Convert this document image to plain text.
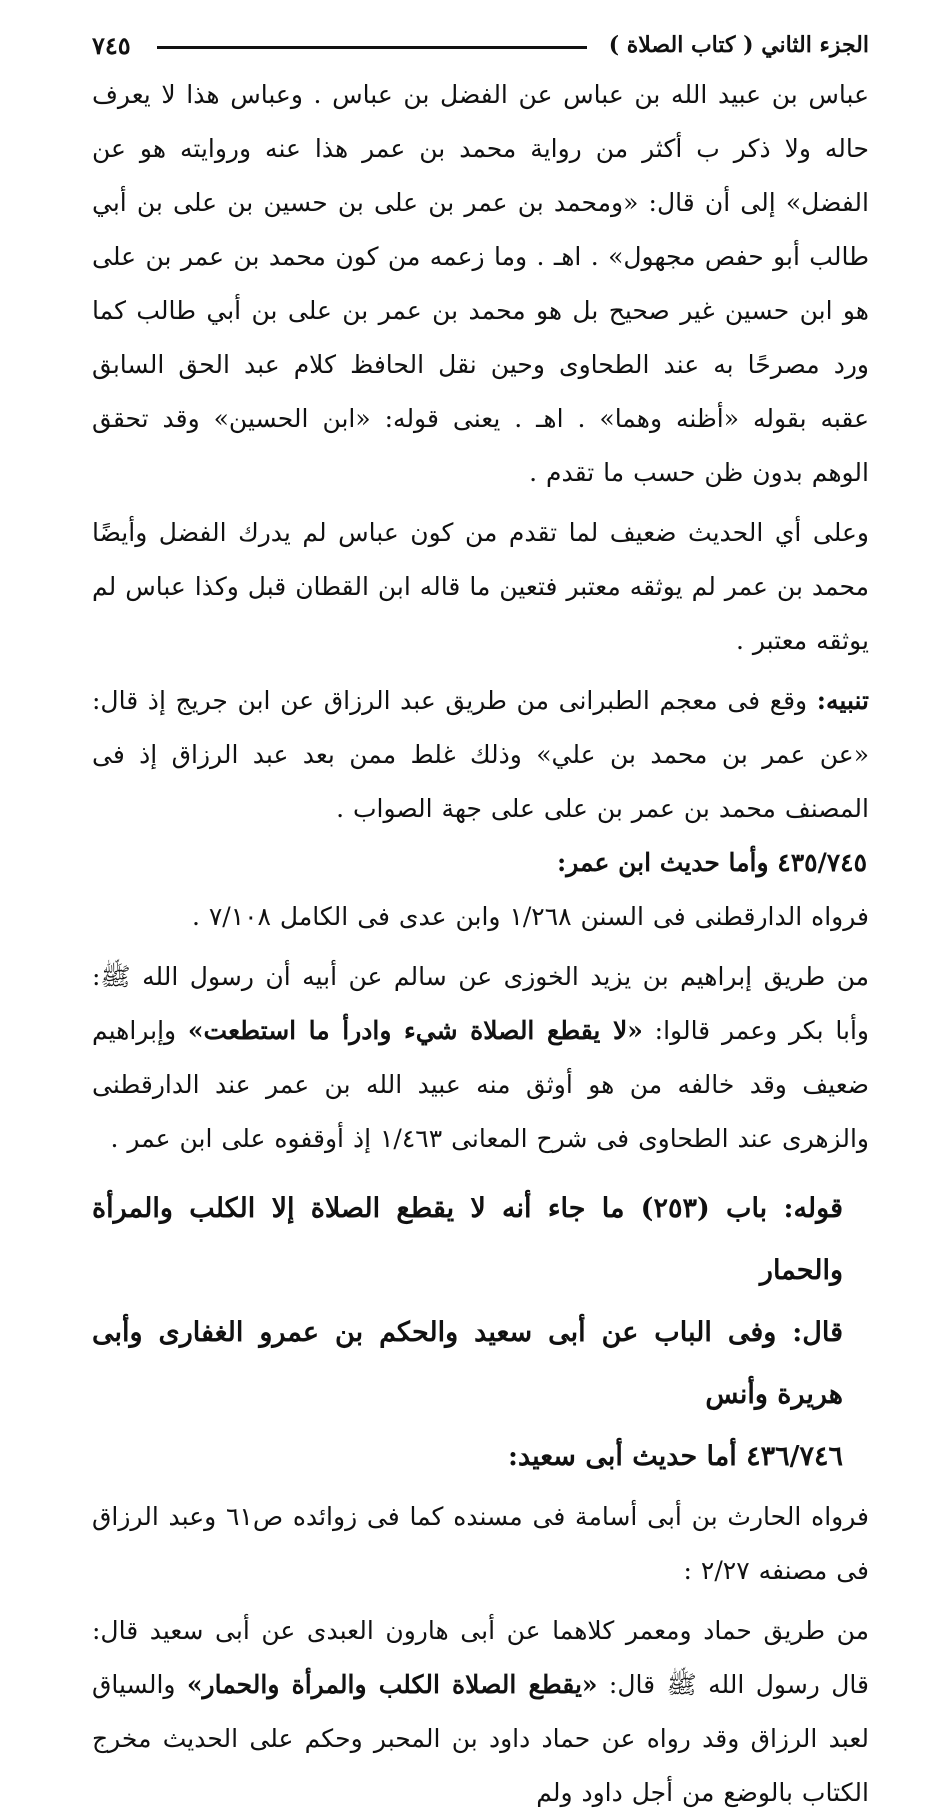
الجزء الثاني ( كتاب الصلاة )
٧٤٥

عباس بن عبيد الله بن عباس عن الفضل بن عباس . وعباس هذا لا يعرف حاله ولا ذكر ب أكثر من رواية محمد بن عمر هذا عنه وروايته هو عن الفضل» إلى أن قال: «ومحمد بن عمر بن على بن حسين بن على بن أبي طالب أبو حفص مجهول» . اهـ . وما زعمه من كون محمد بن عمر بن على هو ابن حسين غير صحيح بل هو محمد بن عمر بن على بن أبي طالب كما ورد مصرحًا به عند الطحاوى وحين نقل الحافظ كلام عبد الحق السابق عقبه بقوله «أظنه وهما» . اهـ . يعنى قوله: «ابن الحسين» وقد تحقق الوهم بدون ظن حسب ما تقدم .

وعلى أي الحديث ضعيف لما تقدم من كون عباس لم يدرك الفضل وأيضًا محمد بن عمر لم يوثقه معتبر فتعين ما قاله ابن القطان قبل وكذا عباس لم يوثقه معتبر .

تنبيه: وقع فى معجم الطبرانى من طريق عبد الرزاق عن ابن جريج إذ قال: «عن عمر بن محمد بن علي» وذلك غلط ممن بعد عبد الرزاق إذ فى المصنف محمد بن عمر بن على على جهة الصواب .

٤٣٥/٧٤٥ وأما حديث ابن عمر:

فرواه الدارقطنى فى السنن ١/٢٦٨ وابن عدى فى الكامل ٧/١٠٨ .

من طريق إبراهيم بن يزيد الخوزى عن سالم عن أبيه أن رسول الله ﷺ: وأبا بكر وعمر قالوا: «لا يقطع الصلاة شيء وادرأ ما استطعت» وإبراهيم ضعيف وقد خالفه من هو أوثق منه عبيد الله بن عمر عند الدارقطنى والزهرى عند الطحاوى فى شرح المعانى ١/٤٦٣ إذ أوقفوه على ابن عمر .

قوله: باب (٢٥٣) ما جاء أنه لا يقطع الصلاة إلا الكلب والمرأة والحمار

قال: وفى الباب عن أبى سعيد والحكم بن عمرو الغفارى وأبى هريرة وأنس

٤٣٦/٧٤٦ أما حديث أبى سعيد:

فرواه الحارث بن أبى أسامة فى مسنده كما فى زوائده ص٦١ وعبد الرزاق فى مصنفه ٢/٢٧ :

من طريق حماد ومعمر كلاهما عن أبى هارون العبدى عن أبى سعيد قال: قال رسول الله ﷺ قال: «يقطع الصلاة الكلب والمرأة والحمار» والسياق لعبد الرزاق وقد رواه عن حماد داود بن المحبر وحكم على الحديث مخرج الكتاب بالوضع من أجل داود ولم
